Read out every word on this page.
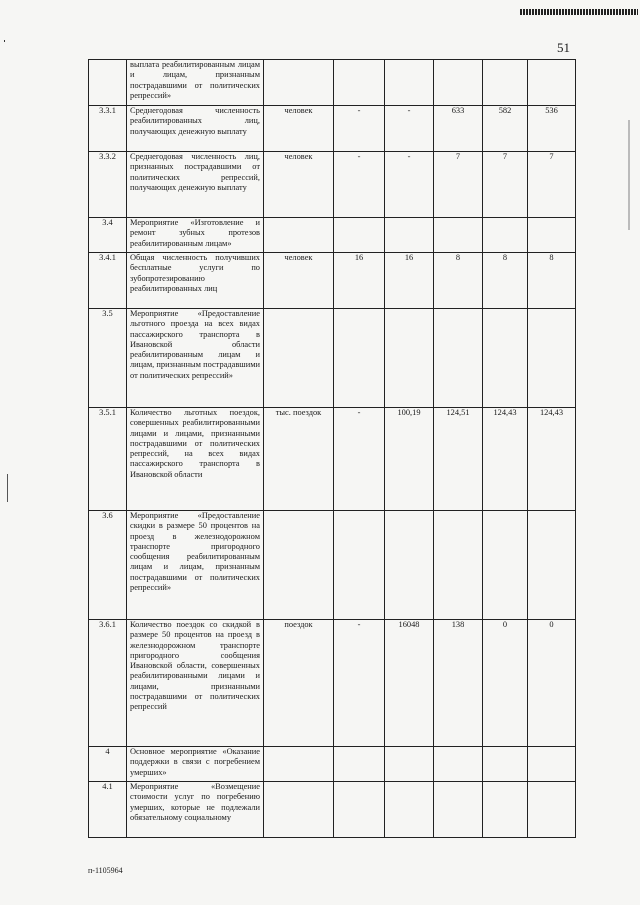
51
	выплата реабилитированным лицам и лицам, признанным пострадавшими от политических репрессий»						
3.3.1	Среднегодовая численность реабилитированных лиц, получающих денежную выплату	человек	-	-	633	582	536
3.3.2	Среднегодовая численность лиц, признанных пострадавшими от политических репрессий, получающих денежную выплату	человек	-	-	7	7	7
3.4	Мероприятие «Изготовление и ремонт зубных протезов реабилитированным лицам»						
3.4.1	Общая численность получивших бесплатные услуги по зубопротезированию реабилитированных лиц	человек	16	16	8	8	8
3.5	Мероприятие «Предоставление льготного проезда на всех видах пассажирского транспорта в Ивановской области реабилитированным лицам и лицам, признанным пострадавшими от политических репрессий»						
3.5.1	Количество льготных поездок, совершенных реабилитированными лицами и лицами, признанными пострадавшими от политических репрессий, на всех видах пассажирского транспорта в Ивановской области	тыс. поездок	-	100,19	124,51	124,43	124,43
3.6	Мероприятие «Предоставление скидки в размере 50 процентов на проезд в железнодорожном транспорте пригородного сообщения реабилитированным лицам и лицам, признанным пострадавшими от политических репрессий»						
3.6.1	Количество поездок со скидкой в размере 50 процентов на проезд в железнодорожном транспорте пригородного сообщения Ивановской области, совершенных реабилитированными лицами и лицами, признанными пострадавшими от политических репрессий	поездок	-	16048	138	0	0
4	Основное мероприятие «Оказание поддержки в связи с погребением умерших»						
4.1	Мероприятие «Возмещение стоимости услуг по погребению умерших, которые не подлежали обязательному социальному						
п-1105964
